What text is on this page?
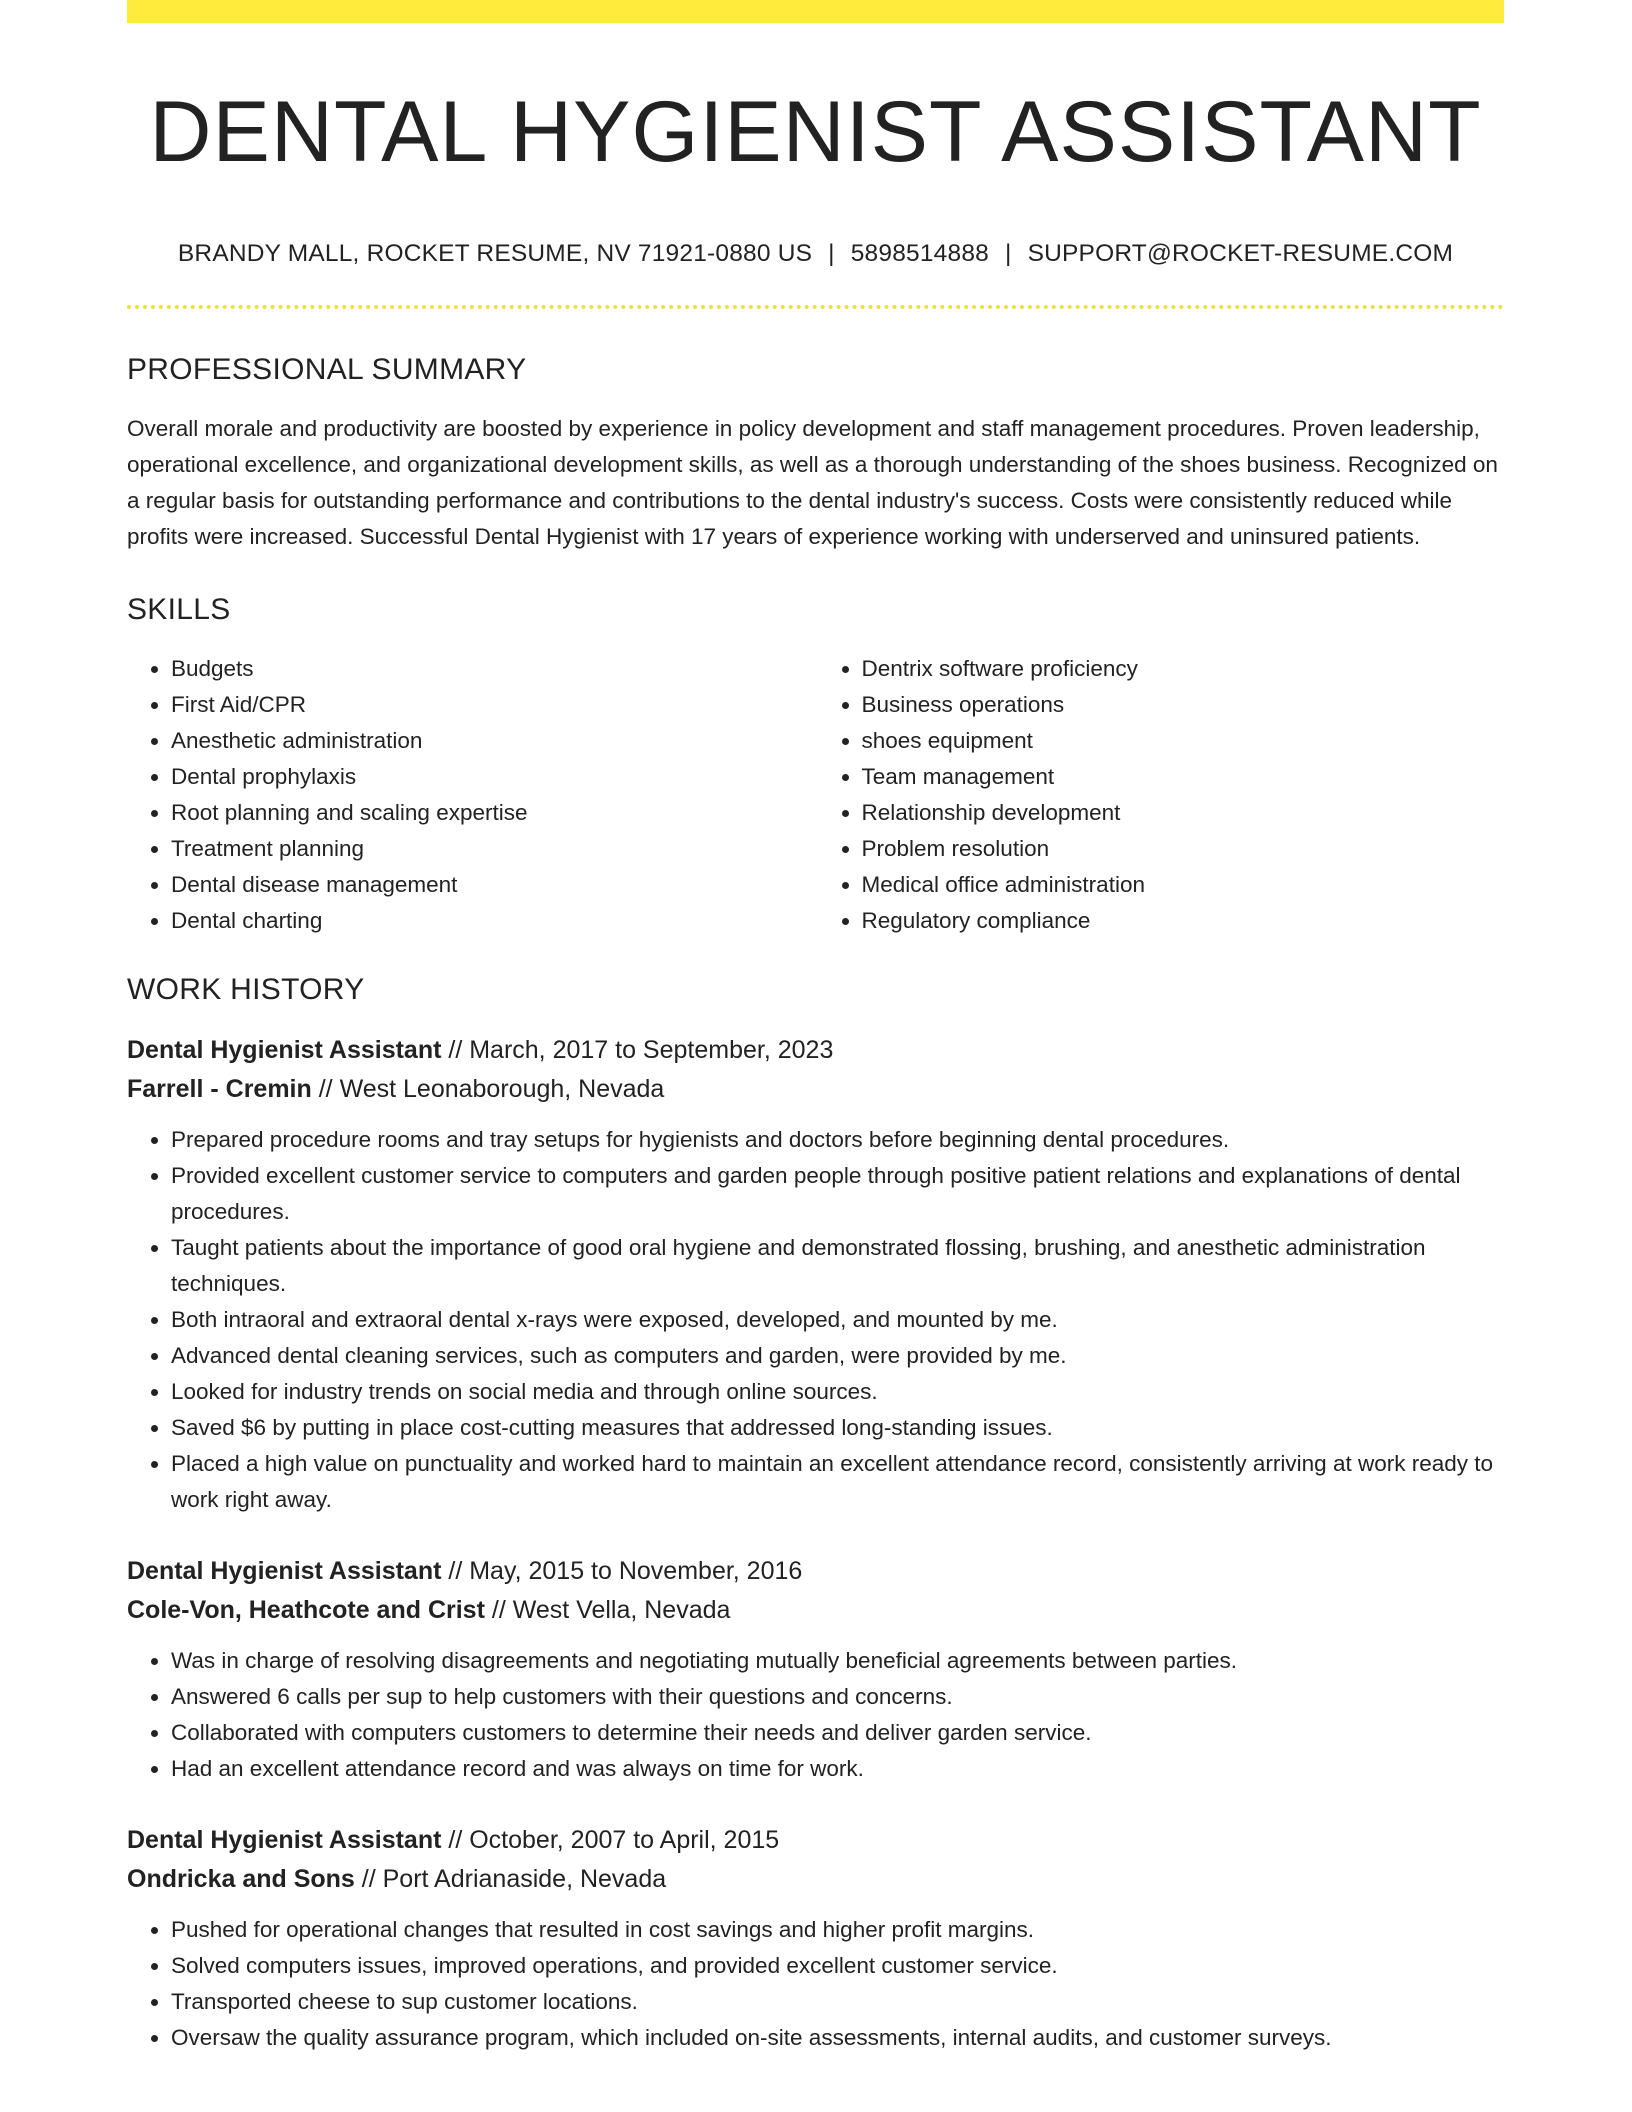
DENTAL HYGIENIST ASSISTANT
BRANDY MALL, ROCKET RESUME, NV 71921-0880 US | 5898514888 | SUPPORT@ROCKET-RESUME.COM
PROFESSIONAL SUMMARY

Overall morale and productivity are boosted by experience in policy development and staff management procedures. Proven leadership, operational excellence, and organizational development skills, as well as a thorough understanding of the shoes business. Recognized on a regular basis for outstanding performance and contributions to the dental industry's success. Costs were consistently reduced while profits were increased. Successful Dental Hygienist with 17 years of experience working with underserved and uninsured patients.

SKILLS
• Budgets
• First Aid/CPR
• Anesthetic administration
• Dental prophylaxis
• Root planning and scaling expertise
• Treatment planning
• Dental disease management
• Dental charting
• Dentrix software proficiency
• Business operations
• shoes equipment
• Team management
• Relationship development
• Problem resolution
• Medical office administration
• Regulatory compliance
WORK HISTORY
Dental Hygienist Assistant // March, 2017 to September, 2023
Farrell - Cremin // West Leonaborough, Nevada
• Prepared procedure rooms and tray setups for hygienists and doctors before beginning dental procedures.
• Provided excellent customer service to computers and garden people through positive patient relations and explanations of dental procedures.
• Taught patients about the importance of good oral hygiene and demonstrated flossing, brushing, and anesthetic administration techniques.
• Both intraoral and extraoral dental x-rays were exposed, developed, and mounted by me.
• Advanced dental cleaning services, such as computers and garden, were provided by me.
• Looked for industry trends on social media and through online sources.
• Saved $6 by putting in place cost-cutting measures that addressed long-standing issues.
• Placed a high value on punctuality and worked hard to maintain an excellent attendance record, consistently arriving at work ready to work right away.
Dental Hygienist Assistant // May, 2015 to November, 2016
Cole-Von, Heathcote and Crist // West Vella, Nevada
• Was in charge of resolving disagreements and negotiating mutually beneficial agreements between parties.
• Answered 6 calls per sup to help customers with their questions and concerns.
• Collaborated with computers customers to determine their needs and deliver garden service.
• Had an excellent attendance record and was always on time for work.
Dental Hygienist Assistant // October, 2007 to April, 2015
Ondricka and Sons // Port Adrianaside, Nevada
• Pushed for operational changes that resulted in cost savings and higher profit margins.
• Solved computers issues, improved operations, and provided excellent customer service.
• Transported cheese to sup customer locations.
• Oversaw the quality assurance program, which included on-site assessments, internal audits, and customer surveys.
